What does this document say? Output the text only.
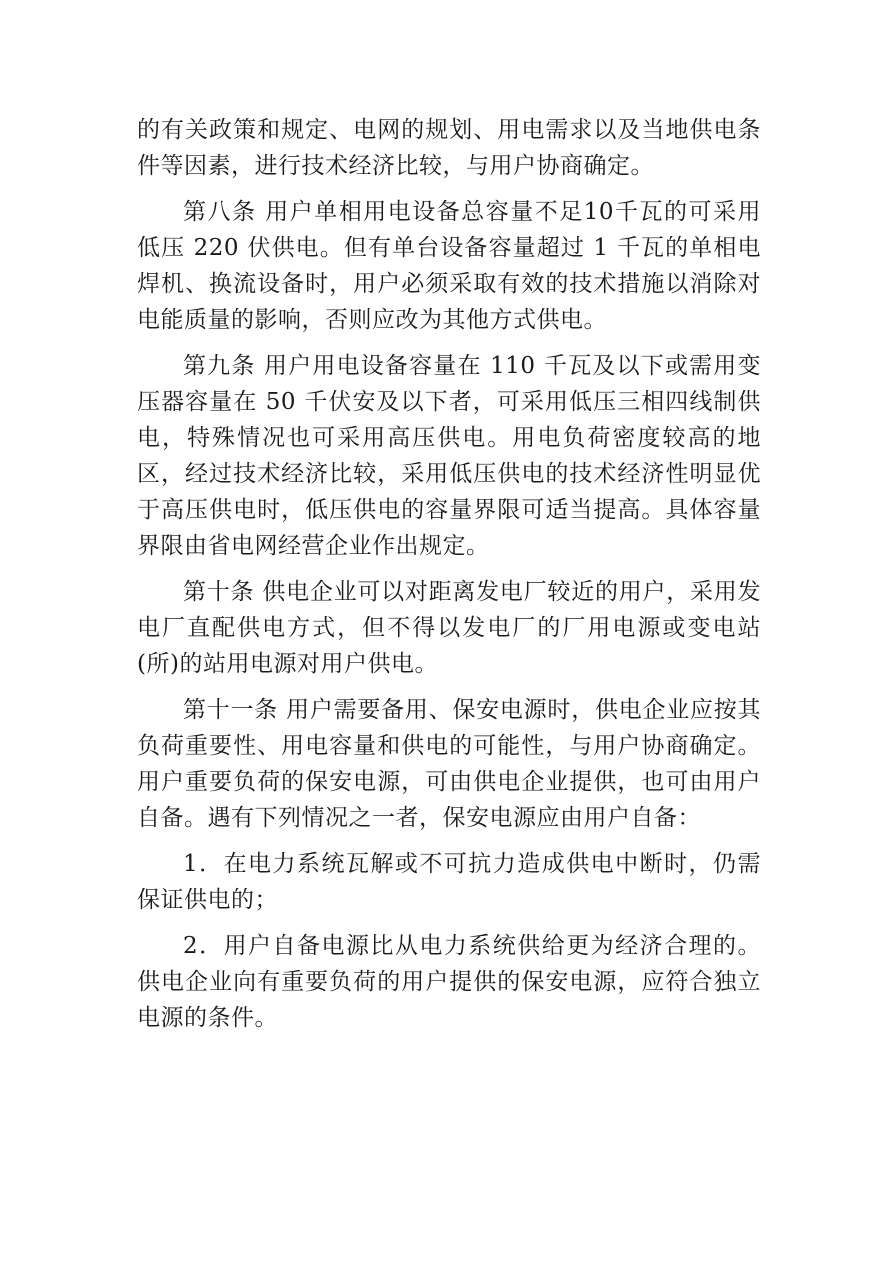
的有关政策和规定、电网的规划、用电需求以及当地供电条件等因素，进行技术经济比较，与用户协商确定。

第八条 用户单相用电设备总容量不足10千瓦的可采用低压 220 伏供电。但有单台设备容量超过 1 千瓦的单相电焊机、换流设备时，用户必须采取有效的技术措施以消除对电能质量的影响，否则应改为其他方式供电。

第九条 用户用电设备容量在 110 千瓦及以下或需用变压器容量在 50 千伏安及以下者，可采用低压三相四线制供电，特殊情况也可采用高压供电。用电负荷密度较高的地区，经过技术经济比较，采用低压供电的技术经济性明显优于高压供电时，低压供电的容量界限可适当提高。具体容量界限由省电网经营企业作出规定。

第十条 供电企业可以对距离发电厂较近的用户，采用发电厂直配供电方式，但不得以发电厂的厂用电源或变电站(所)的站用电源对用户供电。

第十一条 用户需要备用、保安电源时，供电企业应按其负荷重要性、用电容量和供电的可能性，与用户协商确定。用户重要负荷的保安电源，可由供电企业提供，也可由用户自备。遇有下列情况之一者，保安电源应由用户自备：

1．在电力系统瓦解或不可抗力造成供电中断时，仍需保证供电的；

2．用户自备电源比从电力系统供给更为经济合理的。供电企业向有重要负荷的用户提供的保安电源，应符合独立电源的条件。
